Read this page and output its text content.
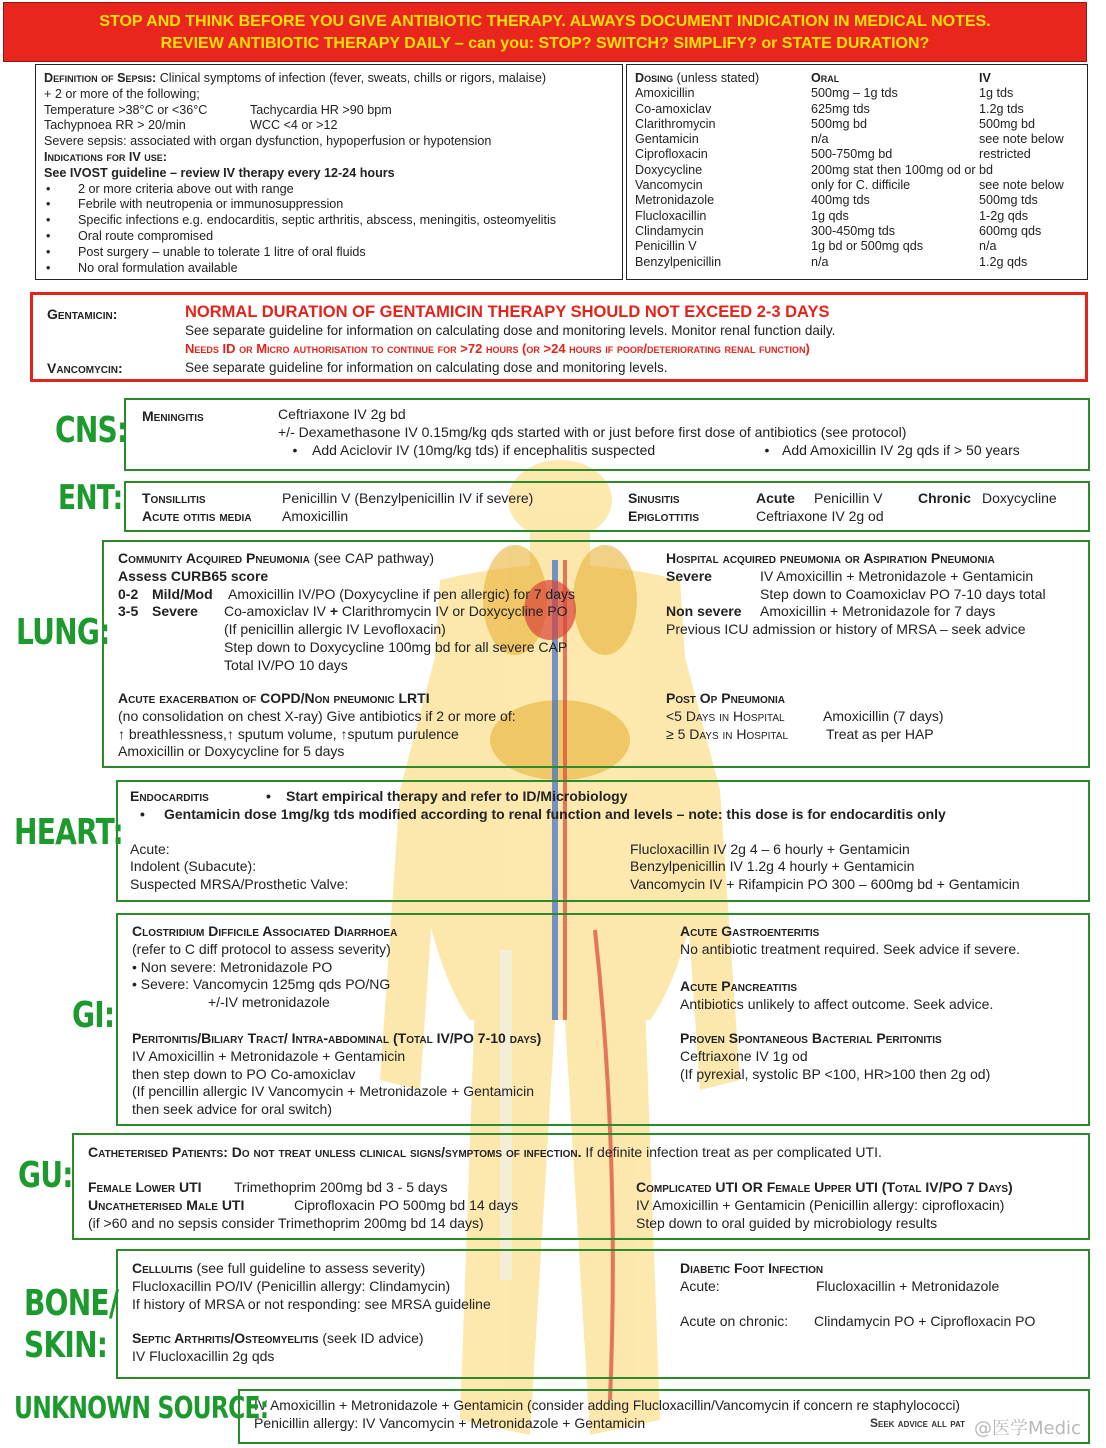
STOP AND THINK BEFORE YOU GIVE ANTIBIOTIC THERAPY. ALWAYS DOCUMENT INDICATION IN MEDICAL NOTES.
REVIEW ANTIBIOTIC THERAPY DAILY – can you: STOP? SWITCH? SIMPLIFY? or STATE DURATION?
Definition of Sepsis: Clinical symptoms of infection (fever, sweats, chills or rigors, malaise)
+ 2 or more of the following;
Temperature >38°C or <36°C	Tachycardia HR >90 bpm
Tachypnoea RR > 20/min	WCC <4 or >12
Severe sepsis: associated with organ dysfunction, hypoperfusion or hypotension
Indications for IV use:
See IVOST guideline – review IV therapy every 12-24 hours
• 2 or more criteria above out with range
• Febrile with neutropenia or immunosuppression
• Specific infections e.g. endocarditis, septic arthritis, abscess, meningitis, osteomyelitis
• Oral route compromised
• Post surgery – unable to tolerate 1 litre of oral fluids
• No oral formulation available
Dosing (unless stated)	Oral	IV
Amoxicillin	500mg – 1g tds	1g tds
Co-amoxiclav	625mg tds	1.2g tds
Clarithromycin	500mg bd	500mg bd
Gentamicin	n/a	see note below
Ciprofloxacin	500-750mg bd	restricted
Doxycycline	200mg stat then 100mg od or bd
Vancomycin	only for C. difficile	see note below
Metronidazole	400mg tds	500mg tds
Flucloxacillin	1g qds	1-2g qds
Clindamycin	300-450mg tds	600mg qds
Penicillin V	1g bd or 500mg qds	n/a
Benzylpenicillin	n/a	1.2g qds
Gentamicin:
Vancomycin:
NORMAL DURATION OF GENTAMICIN THERAPY SHOULD NOT EXCEED 2-3 DAYS
See separate guideline for information on calculating dose and monitoring levels. Monitor renal function daily.
Needs ID or Micro authorisation to continue for >72 hours (or >24 hours if poor/deteriorating renal function)
See separate guideline for information on calculating dose and monitoring levels.
CNS:
ENT:
LUNG:
HEART:
GI:
GU:
BONE/
SKIN:
UNKNOWN SOURCE:
Meningitis	Ceftriaxone IV 2g bd
+/- Dexamethasone IV 0.15mg/kg qds started with or just before first dose of antibiotics (see protocol)
•	Add Aciclovir IV (10mg/kg tds) if encephalitis suspected	• Add Amoxicillin IV 2g qds if > 50 years
Tonsillitis	Penicillin V (Benzylpenicillin IV if severe)
Acute otitis media Amoxicillin
Sinusitis	Acute Penicillin V	Chronic Doxycycline
Epiglottitis	Ceftriaxone IV 2g od
Community Acquired Pneumonia (see CAP pathway)
Assess CURB65 score
0-2 Mild/Mod	Amoxicillin IV/PO (Doxycycline if pen allergic) for 7 days
3-5 Severe	Co-amoxiclav IV + Clarithromycin IV or Doxycycline PO
(If penicillin allergic IV Levofloxacin)
Step down to Doxycycline 100mg bd for all severe CAP
Total IV/PO 10 days
Hospital acquired pneumonia or Aspiration Pneumonia
Severe	IV Amoxicillin + Metronidazole + Gentamicin
Step down to Coamoxiclav PO 7-10 days total
Non severe	Amoxicillin + Metronidazole for 7 days
Previous ICU admission or history of MRSA – seek advice
Acute exacerbation of COPD/Non pneumonic LRTI
(no consolidation on chest X-ray) Give antibiotics if 2 or more of:
↑ breathlessness,↑ sputum volume, ↑sputum purulence
Amoxicillin or Doxycycline for 5 days
Post Op Pneumonia
<5 Days in Hospital	Amoxicillin (7 days)
≥ 5 Days in Hospital	Treat as per HAP
Endocarditis	•	Start empirical therapy and refer to ID/Microbiology
•	Gentamicin dose 1mg/kg tds modified according to renal function and levels – note: this dose is for endocarditis only
Acute:	Flucloxacillin IV 2g 4 – 6 hourly + Gentamicin
Indolent (Subacute):	Benzylpenicillin IV 1.2g 4 hourly + Gentamicin
Suspected MRSA/Prosthetic Valve:	Vancomycin IV + Rifampicin PO 300 – 600mg bd + Gentamicin
Clostridium Difficile Associated Diarrhoea
(refer to C diff protocol to assess severity)
• Non severe: Metronidazole PO
• Severe: Vancomycin 125mg qds PO/NG
+/-IV metronidazole
Peritonitis/Biliary Tract/ Intra-abdominal (Total IV/PO 7-10 days)
IV Amoxicillin + Metronidazole + Gentamicin
then step down to PO Co-amoxiclav
(If pencillin allergic IV Vancomycin + Metronidazole + Gentamicin
then seek advice for oral switch)
Acute Gastroenteritis
No antibiotic treatment required. Seek advice if severe.
Acute Pancreatitis
Antibiotics unlikely to affect outcome. Seek advice.
Proven Spontaneous Bacterial Peritonitis
Ceftriaxone IV 1g od
(If pyrexial, systolic BP <100, HR>100 then 2g od)
Catheterised Patients: Do not treat unless clinical signs/symptoms of infection. If definite infection treat as per complicated UTI.
Female Lower UTI	Trimethoprim 200mg bd 3 - 5 days
Uncatheterised Male UTI	Ciprofloxacin PO 500mg bd 14 days
(if >60 and no sepsis consider Trimethoprim 200mg bd 14 days)
Complicated UTI OR Female Upper UTI (Total IV/PO 7 Days)
IV Amoxicillin + Gentamicin (Penicillin allergy: ciprofloxacin)
Step down to oral guided by microbiology results
Cellulitis (see full guideline to assess severity)
Flucloxacillin PO/IV (Penicillin allergy: Clindamycin)
If history of MRSA or not responding: see MRSA guideline
Septic Arthritis/Osteomyelitis (seek ID advice)
IV Flucloxacillin 2g qds
Diabetic Foot Infection
Acute:	Flucloxacillin + Metronidazole
Acute on chronic:	Clindamycin PO + Ciprofloxacin PO
IV Amoxicillin + Metronidazole + Gentamicin (consider adding Flucloxacillin/Vancomycin if concern re staphylococci)
Penicillin allergy: IV Vancomycin + Metronidazole + Gentamicin	Seek advice all pat @医学Medic
